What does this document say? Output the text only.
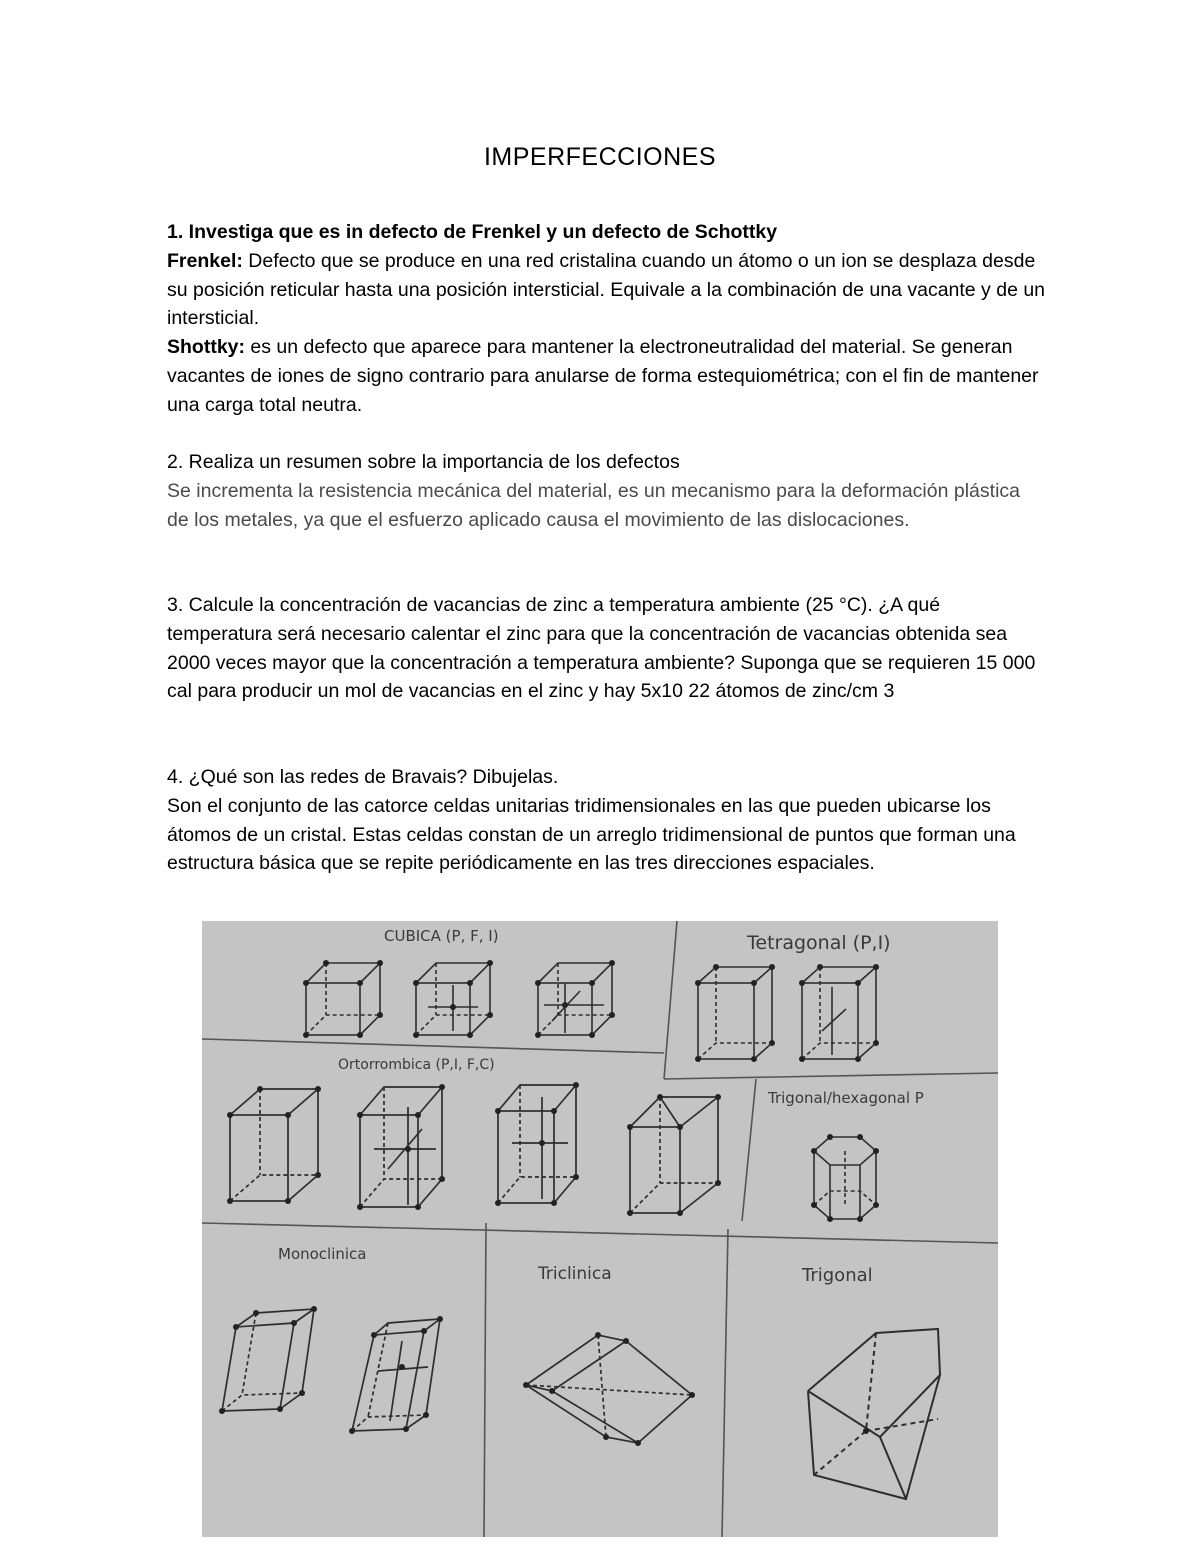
IMPERFECCIONES

1. Investiga que es in defecto de Frenkel y un defecto de Schottky

Frenkel: Defecto que se produce en una red cristalina cuando un átomo o un ion se desplaza desde su posición reticular hasta una posición intersticial. Equivale a la combinación de una vacante y de un intersticial.

Shottky: es un defecto que aparece para mantener la electroneutralidad del material. Se generan vacantes de iones de signo contrario para anularse de forma estequiométrica; con el fin de mantener una carga total neutra.

2. Realiza un resumen sobre la importancia de los defectos

Se incrementa la resistencia mecánica del material, es un mecanismo para la deformación plástica de los metales, ya que el esfuerzo aplicado causa el movimiento de las dislocaciones.

3. Calcule la concentración de vacancias de zinc a temperatura ambiente (25 °C). ¿A qué temperatura será necesario calentar el zinc para que la concentración de vacancias obtenida sea 2000 veces mayor que la concentración a temperatura ambiente? Suponga que se requieren 15 000 cal para producir un mol de vacancias en el zinc y hay 5x10 22 átomos de zinc/cm 3

4. ¿Qué son las redes de Bravais? Dibujelas.

Son el conjunto de las catorce celdas unitarias tridimensionales en las que pueden ubicarse los átomos de un cristal. Estas celdas constan de un arreglo tridimensional de puntos que forman una estructura básica que se repite periódicamente en las tres direcciones espaciales.

CUBICA (P, F, I)	Tetragonal (P,I)
Ortorrombica (P,I, F,C)
Trigonal/hexagonal P
Monoclinica
Triclinica	Trigonal
